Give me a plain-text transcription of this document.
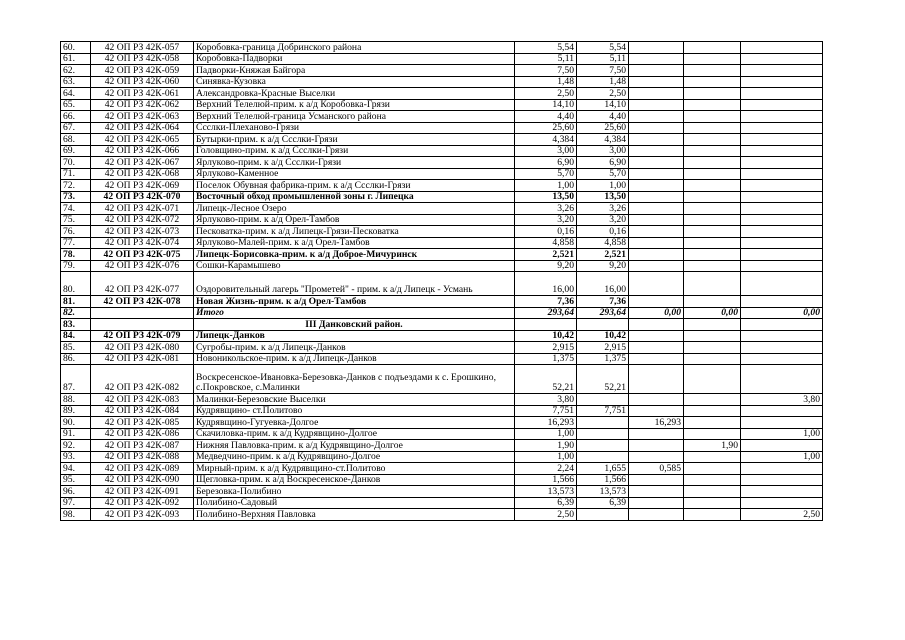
60.	42 ОП РЗ 42К-057	Коробовка-граница Добринского района	5,54	5,54			
61.	42 ОП РЗ 42К-058	Коробовка-Падворки	5,11	5,11			
62.	42 ОП РЗ 42К-059	Падворки-Княжая Байгора	7,50	7,50			
63.	42 ОП РЗ 42К-060	Синявка-Кузовка	1,48	1,48			
64.	42 ОП РЗ 42К-061	Александровка-Красные Выселки	2,50	2,50			
65.	42 ОП РЗ 42К-062	Верхний Телелюй-прим. к а/д Коробовка-Грязи	14,10	14,10			
66.	42 ОП РЗ 42К-063	Верхний Телелюй-граница Усманского района	4,40	4,40			
67.	42 ОП РЗ 42К-064	Ссслки-Плеханово-Грязи	25,60	25,60			
68.	42 ОП РЗ 42К-065	Бутырки-прим. к а/д Ссслки-Грязи	4,384	4,384			
69.	42 ОП РЗ 42К-066	Головщино-прим. к а/д Ссслки-Грязи	3,00	3,00			
70.	42 ОП РЗ 42К-067	Ярлуково-прим. к а/д Ссслки-Грязи	6,90	6,90			
71.	42 ОП РЗ 42К-068	Ярлуково-Каменное	5,70	5,70			
72.	42 ОП РЗ 42К-069	Поселок Обувная фабрика-прим. к а/д Ссслки-Грязи	1,00	1,00			
73.	42 ОП РЗ 42К-070	Восточный обход промышленной зоны г. Липецка	13,50	13,50			
74.	42 ОП РЗ 42К-071	Липецк-Лесное Озеро	3,26	3,26			
75.	42 ОП РЗ 42К-072	Ярлуково-прим. к а/д Орел-Тамбов	3,20	3,20			
76.	42 ОП РЗ 42К-073	Песковатка-прим. к а/д Липецк-Грязи-Песковатка	0,16	0,16			
77.	42 ОП РЗ 42К-074	Ярлуково-Малей-прим. к а/д Орел-Тамбов	4,858	4,858			
78.	42 ОП РЗ 42К-075	Липецк-Борисовка-прим. к а/д Доброе-Мичуринск	2,521	2,521			
79.	42 ОП РЗ 42К-076	Сошки-Карамышево	9,20	9,20			
80.	42 ОП РЗ 42К-077	Оздоровительный лагерь "Прометей" - прим. к а/д Липецк - Усмань	16,00	16,00			
81.	42 ОП РЗ 42К-078	Новая Жизнь-прим. к а/д Орел-Тамбов	7,36	7,36			
82.		Итого	293,64	293,64	0,00	0,00	0,00
83.		III Данковский район.					
84.	42 ОП РЗ 42К-079	Липецк-Данков	10,42	10,42			
85.	42 ОП РЗ 42К-080	Сугробы-прим. к а/д Липецк-Данков	2,915	2,915			
86.	42 ОП РЗ 42К-081	Новоникольское-прим. к а/д Липецк-Данков	1,375	1,375			
87.	42 ОП РЗ 42К-082	Воскресенское-Ивановка-Березовка-Данков с подъездами к с. Ерошкино, с.Покровское, с.Малинки	52,21	52,21			
88.	42 ОП РЗ 42К-083	Малинки-Березовские Выселки	3,80				3,80
89.	42 ОП РЗ 42К-084	Кудрявщино- ст.Политово	7,751	7,751			
90.	42 ОП РЗ 42К-085	Кудрявщино-Гугуевка-Долгое	16,293		16,293		
91.	42 ОП РЗ 42К-086	Скачиловка-прим. к а/д Кудрявщино-Долгое	1,00				1,00
92.	42 ОП РЗ 42К-087	Нижняя Павловка-прим. к а/д Кудрявщино-Долгое	1,90			1,90	
93.	42 ОП РЗ 42К-088	Медведчино-прим. к а/д Кудрявщино-Долгое	1,00				1,00
94.	42 ОП РЗ 42К-089	Мирный-прим. к а/д Кудрявщино-ст.Политово	2,24	1,655	0,585		
95.	42 ОП РЗ 42К-090	Щегловка-прим. к а/д Воскресенское-Данков	1,566	1,566			
96.	42 ОП РЗ 42К-091	Березовка-Полибино	13,573	13,573			
97.	42 ОП РЗ 42К-092	Полибино-Садовый	6,39	6,39			
98.	42 ОП РЗ 42К-093	Полибино-Верхняя Павловка	2,50				2,50
